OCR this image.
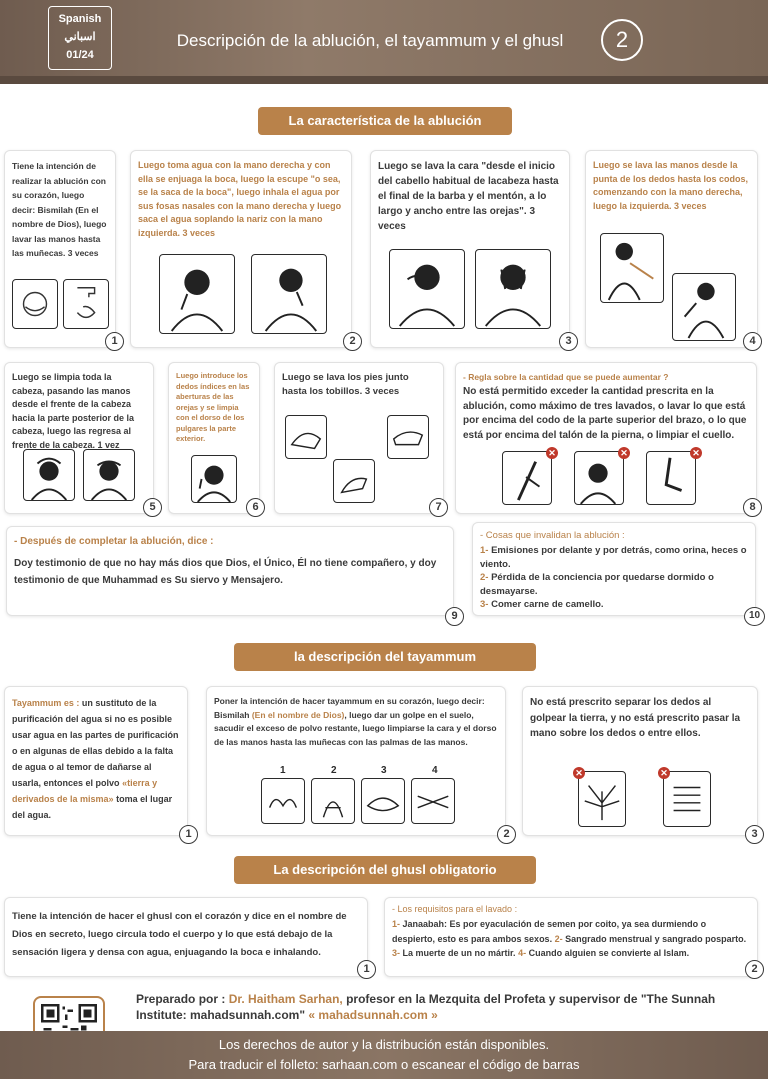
Spanish
اسباني
01/24
Descripción de la ablución, el tayammum y el ghusl	2
La característica de la ablución
Tiene la intención de realizar la ablución con su corazón, luego decir: Bismilah (En el nombre de Dios), luego lavar las manos hasta las muñecas. 3 veces
1
Luego toma agua con la mano derecha y con ella se enjuaga la boca, luego la escupe "o sea, se la saca de la boca", luego inhala el agua por sus fosas nasales con la mano derecha y luego saca el agua soplando la nariz con la mano izquierda. 3 veces
2
Luego se lava la cara "desde el inicio del cabello habitual de lacabeza hasta el final de la barba y el mentón, a lo largo y ancho entre las orejas". 3 veces
3
Luego se lava las manos desde la punta de los dedos hasta los codos, comenzando con la mano derecha, luego la izquierda. 3 veces
4
Luego se limpia toda la cabeza, pasando las manos desde el frente de la cabeza hacia la parte posterior de la cabeza, luego las regresa al frente de la cabeza. 1 vez
5
Luego introduce los dedos índices en las aberturas de las orejas y se limpia con el dorso de los pulgares la parte exterior.
6
Luego se lava los pies junto hasta los tobillos. 3 veces
7
- Regla sobre la cantidad que se puede aumentar ?
No está permitido exceder la cantidad prescrita en la ablución, como máximo de tres lavados, o lavar lo que está por encima del codo de la parte superior del brazo, o lo que está por encima del talón de la pierna, o limpiar el cuello.
✕	✕	✕
8
- Después de completar la ablución, dice :
Doy testimonio de que no hay más dios que Dios, el Único, Él no tiene compañero, y doy testimonio de que Muhammad es Su siervo y Mensajero.
9
- Cosas que invalidan la ablución :
1- Emisiones por delante y por detrás, como orina, heces o viento.
2- Pérdida de la conciencia por quedarse dormido o desmayarse.
3- Comer carne de camello.
10
la descripción del tayammum
Tayammum es : un sustituto de la purificación del agua si no es posible usar agua en las partes de purificación o en algunas de ellas debido a la falta de agua o al temor de dañarse al usarla, entonces el polvo «tierra y derivados de la misma» toma el lugar del agua.
1
Poner la intención de hacer tayammum en su corazón, luego decir: Bismilah (En el nombre de Dios), luego dar un golpe en el suelo, sacudir el exceso de polvo restante, luego limpiarse la cara y el dorso de las manos hasta las muñecas con las palmas de las manos.
1	2	3	4
2
No está prescrito separar los dedos al golpear la tierra, y no está prescrito pasar la mano sobre los dedos o entre ellos.
✕	✕
3
La descripción del ghusl obligatorio
Tiene la intención de hacer el ghusl con el corazón y dice en el nombre de Dios en secreto, luego circula todo el cuerpo y lo que está debajo de la sensación ligera y densa con agua, enjuagando la boca e inhalando.
1
- Los requisitos para el lavado :
1- Janaabah: Es por eyaculación de semen por coito, ya sea durmiendo o despierto, esto es para ambos sexos. 2- Sangrado menstrual y sangrado posparto. 3- La muerte de un no mártir. 4- Cuando alguien se convierte al Islam.
2
Preparado por : Dr. Haitham Sarhan, profesor en la Mezquita del Profeta y supervisor de "The Sunnah Institute: mahadsunnah.com" « mahadsunnah.com »
Los derechos de autor y la distribución están disponibles.
Para traducir el folleto: sarhaan.com o escanear el código de barras
